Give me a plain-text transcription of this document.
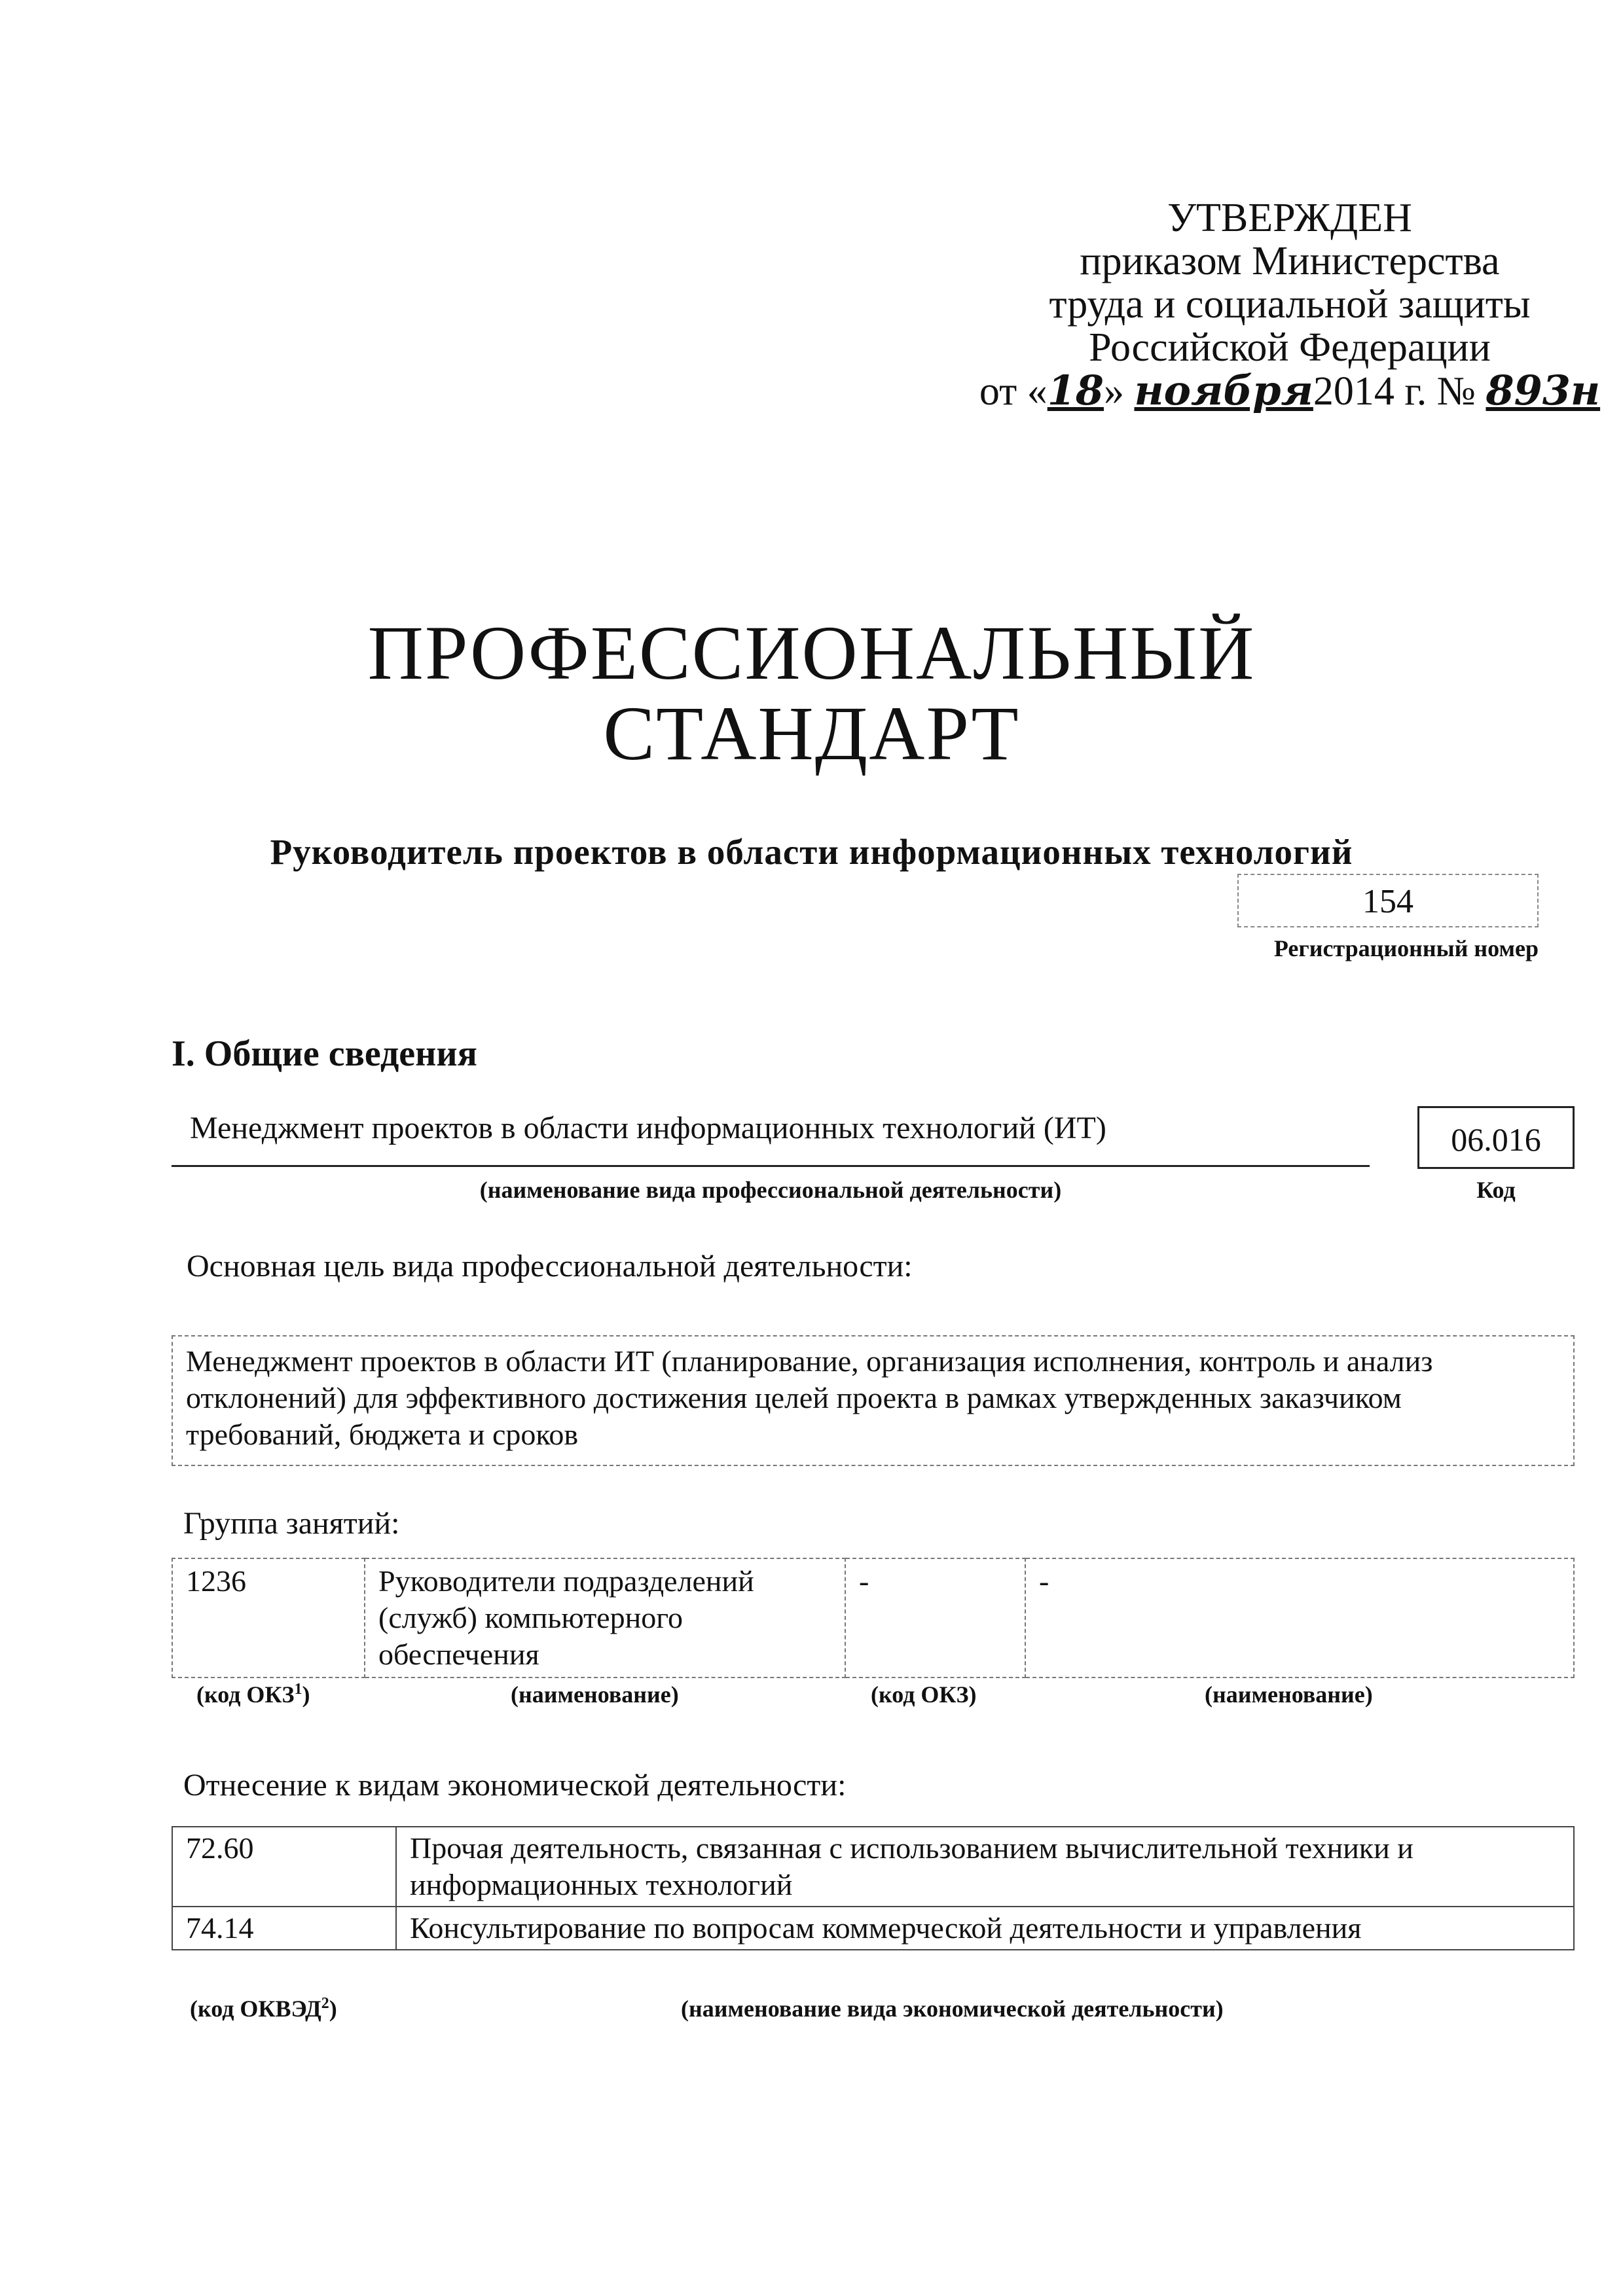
УТВЕРЖДЕН
приказом Министерства
труда и социальной защиты
Российской Федерации
от «18» ноября2014 г. № 893н
ПРОФЕССИОНАЛЬНЫЙ
СТАНДАРТ
Руководитель проектов в области информационных технологий
154
Регистрационный номер
I. Общие сведения
Менеджмент проектов в области информационных технологий (ИТ)
(наименование вида профессиональной деятельности)
06.016
Код
Основная цель вида профессиональной деятельности:
Менеджмент проектов в области ИТ (планирование, организация исполнения, контроль и анализ отклонений) для эффективного достижения целей проекта в рамках утвержденных заказчиком требований, бюджета и сроков
Группа занятий:
1236	Руководители подразделений (служб) компьютерного обеспечения	-	-
(код ОКЗ$^1$)	(наименование)	(код ОКЗ)	(наименование)
Отнесение к видам экономической деятельности:
72.60	Прочая деятельность, связанная с использованием вычислительной техники и информационных технологий
74.14	Консультирование по вопросам коммерческой деятельности и управления
(код ОКВЭД$^2$)	(наименование вида экономической деятельности)
